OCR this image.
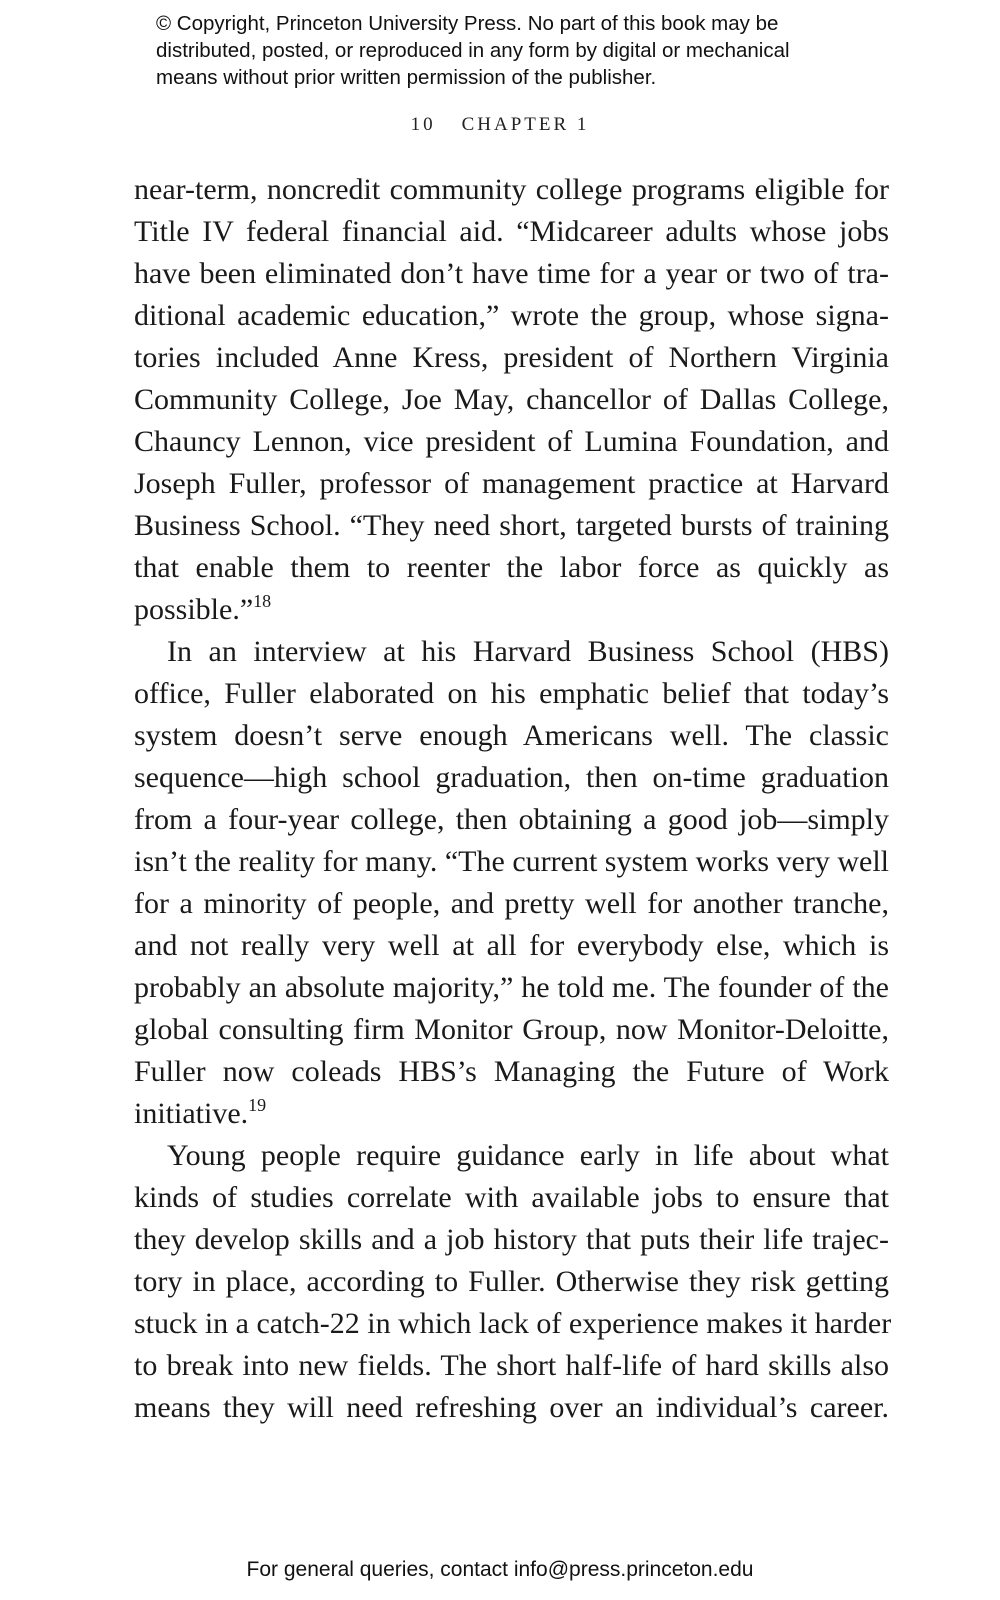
© Copyright, Princeton University Press. No part of this book may be
distributed, posted, or reproduced in any form by digital or mechanical
means without prior written permission of the publisher.
10 CHAPTER 1
near-term, noncredit community college programs eligible for
Title IV federal financial aid. “Midcareer adults whose jobs
have been eliminated don’t have time for a year or two of tra-
ditional academic education,” wrote the group, whose signa-
tories included Anne Kress, president of Northern Virginia
Community College, Joe May, chancellor of Dallas College,
Chauncy Lennon, vice president of Lumina Foundation, and
Joseph Fuller, professor of management practice at Harvard
Business School. “They need short, targeted bursts of training
that enable them to reenter the labor force as quickly as
possible.”$^{18}$
In an interview at his Harvard Business School (HBS)
office, Fuller elaborated on his emphatic belief that today’s
system doesn’t serve enough Americans well. The classic
sequence—high school graduation, then on-time graduation
from a four-year college, then obtaining a good job—simply
isn’t the reality for many. “The current system works very well
for a minority of people, and pretty well for another tranche,
and not really very well at all for everybody else, which is
probably an absolute majority,” he told me. The founder of the
global consulting firm Monitor Group, now Monitor-Deloitte,
Fuller now coleads HBS’s Managing the Future of Work
initiative.$^{19}$
Young people require guidance early in life about what
kinds of studies correlate with available jobs to ensure that
they develop skills and a job history that puts their life trajec-
tory in place, according to Fuller. Otherwise they risk getting
stuck in a catch-22 in which lack of experience makes it harder
to break into new fields. The short half-life of hard skills also
means they will need refreshing over an individual’s career.
For general queries, contact info@press.princeton.edu
